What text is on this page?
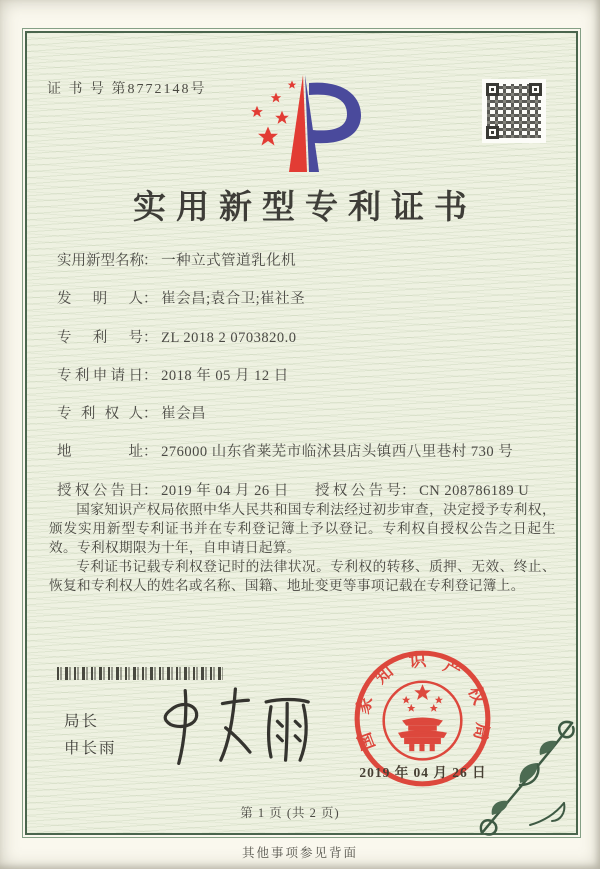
证 书 号 第8772148号
实用新型专利证书
实用新型名称： 一种立式管道乳化机
发明人： 崔会昌;袁合卫;崔社圣
专利号： ZL 2018 2 0703820.0
专利申请日： 2018 年 05 月 12 日
专利权人： 崔会昌
地址： 276000 山东省莱芜市临沭县店头镇西八里巷村 730 号
授权公告日： 2019 年 04 月 26 日 授权公告号： CN 208786189 U

国家知识产权局依照中华人民共和国专利法经过初步审查，决定授予专利权，颁发实用新型专利证书并在专利登记簿上予以登记。专利权自授权公告之日起生效。专利权期限为十年，自申请日起算。

专利证书记载专利权登记时的法律状况。专利权的转移、质押、无效、终止、恢复和专利权人的姓名或名称、国籍、地址变更等事项记载在专利登记簿上。

局长
申长雨	国家知识产权局
2019 年 04 月 26 日
第 1 页 (共 2 页)
其他事项参见背面
